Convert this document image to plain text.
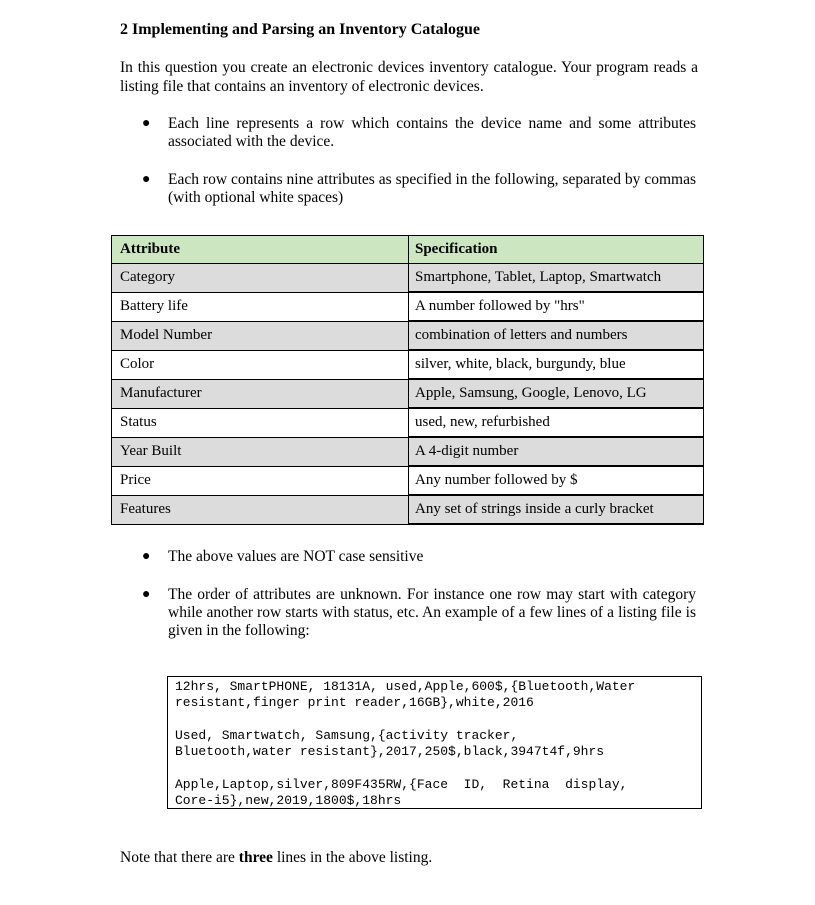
2 Implementing and Parsing an Inventory Catalogue
In this question you create an electronic devices inventory catalogue. Your program reads a listing file that contains an inventory of electronic devices.
● Each line represents a row which contains the device name and some attributes associated with the device.
● Each row contains nine attributes as specified in the following, separated by commas (with optional white spaces)
Attribute	Specification
Category	Smartphone, Tablet, Laptop, Smartwatch
Battery life	A number followed by "hrs"
Model Number	combination of letters and numbers
Color	silver, white, black, burgundy, blue
Manufacturer	Apple, Samsung, Google, Lenovo, LG
Status	used, new, refurbished
Year Built	A 4-digit number
Price	Any number followed by $
Features	Any set of strings inside a curly bracket
● The above values are NOT case sensitive
● The order of attributes are unknown. For instance one row may start with category while another row starts with status, etc. An example of a few lines of a listing file is given in the following:
12hrs, SmartPHONE, 18131A, used,Apple,600$,{Bluetooth,Water
resistant,finger print reader,16GB},white,2016
Used, Smartwatch, Samsung,{activity tracker,
Bluetooth,water resistant},2017,250$,black,3947t4f,9hrs
Apple,Laptop,silver,809F435RW,{Face  ID,  Retina  display,
Core-i5},new,2019,1800$,18hrs
Note that there are three lines in the above listing.
